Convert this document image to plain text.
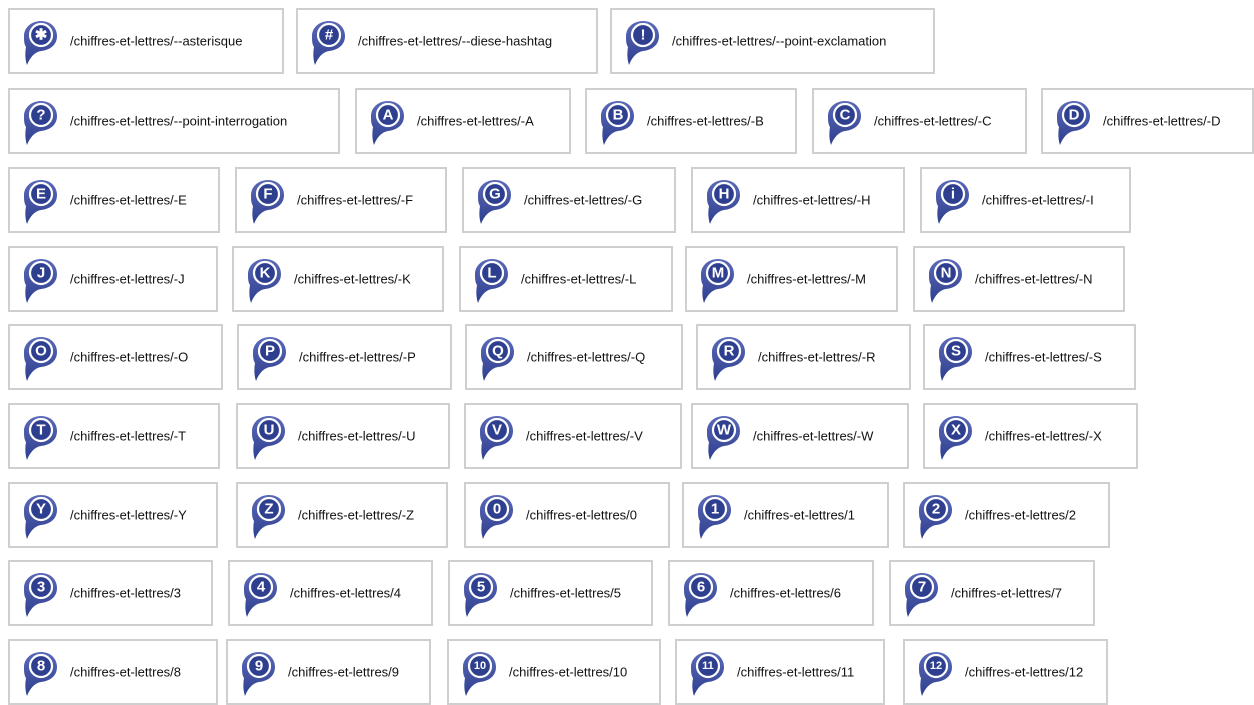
✱ /chiffres-et-lettres/--asterisque	# /chiffres-et-lettres/--diese-hashtag	! /chiffres-et-lettres/--point-exclamation
? /chiffres-et-lettres/--point-interrogation	A /chiffres-et-lettres/-A	B /chiffres-et-lettres/-B	C /chiffres-et-lettres/-C	D /chiffres-et-lettres/-D
E /chiffres-et-lettres/-E	F /chiffres-et-lettres/-F	G /chiffres-et-lettres/-G	H /chiffres-et-lettres/-H	i /chiffres-et-lettres/-I
J /chiffres-et-lettres/-J	K /chiffres-et-lettres/-K	L /chiffres-et-lettres/-L	M /chiffres-et-lettres/-M	N /chiffres-et-lettres/-N
O /chiffres-et-lettres/-O	P /chiffres-et-lettres/-P	Q /chiffres-et-lettres/-Q	R /chiffres-et-lettres/-R	S /chiffres-et-lettres/-S
T /chiffres-et-lettres/-T	U /chiffres-et-lettres/-U	V /chiffres-et-lettres/-V	W /chiffres-et-lettres/-W	X /chiffres-et-lettres/-X
Y /chiffres-et-lettres/-Y	Z /chiffres-et-lettres/-Z	0 /chiffres-et-lettres/0	1 /chiffres-et-lettres/1	2 /chiffres-et-lettres/2
3 /chiffres-et-lettres/3	4 /chiffres-et-lettres/4	5 /chiffres-et-lettres/5	6 /chiffres-et-lettres/6	7 /chiffres-et-lettres/7
8 /chiffres-et-lettres/8	9 /chiffres-et-lettres/9	10 /chiffres-et-lettres/10	11 /chiffres-et-lettres/11	12 /chiffres-et-lettres/12
